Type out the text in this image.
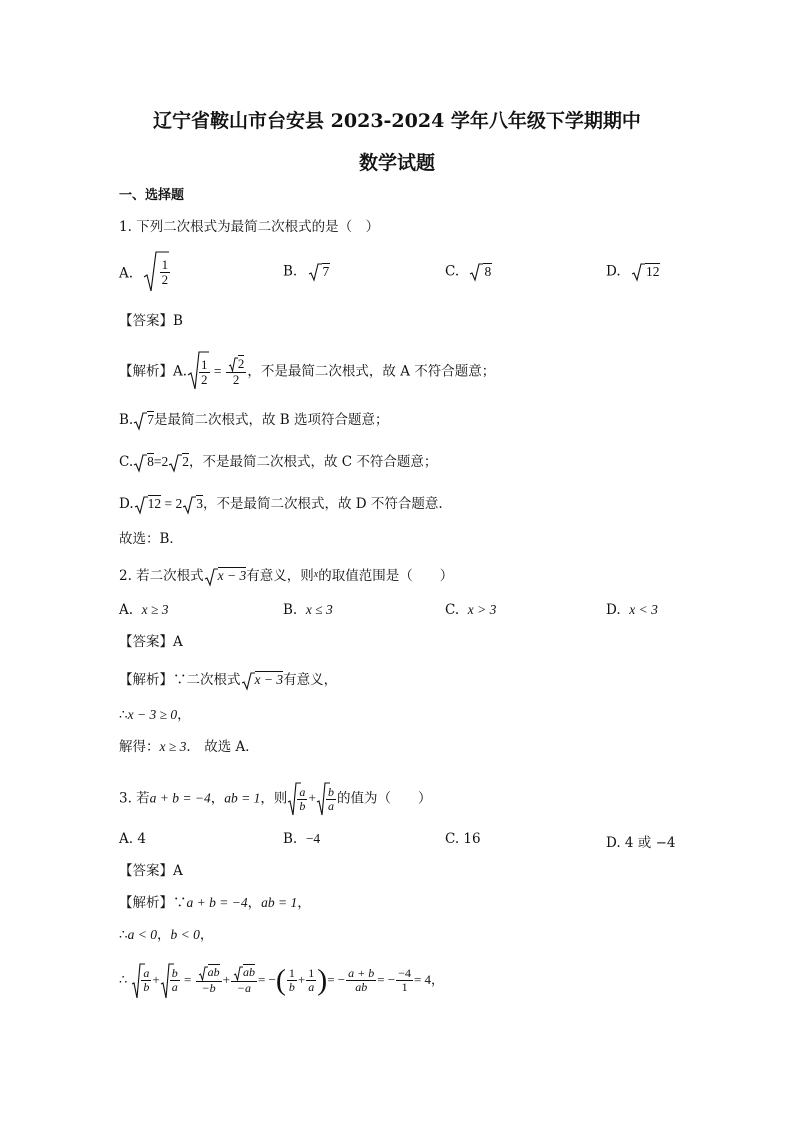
辽宁省鞍山市台安县 2023-2024 学年八年级下学期期中
数学试题
一、选择题
1. 下列二次根式为最简二次根式的是（　）
A.
$\frac{1}{2}$	B. 7	C. 8	D. 12
【答案】B
【解析】A. $\frac{1}{2} = \frac{2}{2}$ ，不是最简二次根式，故 A 不符合题意；
B. 7是最简二次根式，故 B 选项符合题意；
C. 8=2 2，不是最简二次根式，故 C 不符合题意；
D. 12 = 2 3，不是最简二次根式，故 D 不符合题意.
故选：B．
2. 若二次根式 x − 3有意义，则$^x$的取值范围是（　　）
A. x ≥ 3	B. x ≤ 3	C. x > 3	D. x < 3
【答案】A
【解析】∵二次根式 x − 3有意义，
∴x − 3 ≥ 0，
解得：x ≥ 3． 故选 A．
3. 若a + b = −4，ab = 1，则 $\frac{a}{b} + \frac{b}{a}$ 的值为（　　）
A. 4	B. −4	C. 16	D. 4 或 −4
【答案】A
【解析】∵a + b = −4，ab = 1，
∴a < 0，b < 0，
∴ $\frac{a}{b} + \frac{b}{a} = \frac{ab}{-b} + \frac{ab}{-a}$ = −( $\frac{1}{b} + \frac{1}{a}$ )= − $\frac{a + b}{ab}$ = − $\frac{-4}{1} = 4$，
